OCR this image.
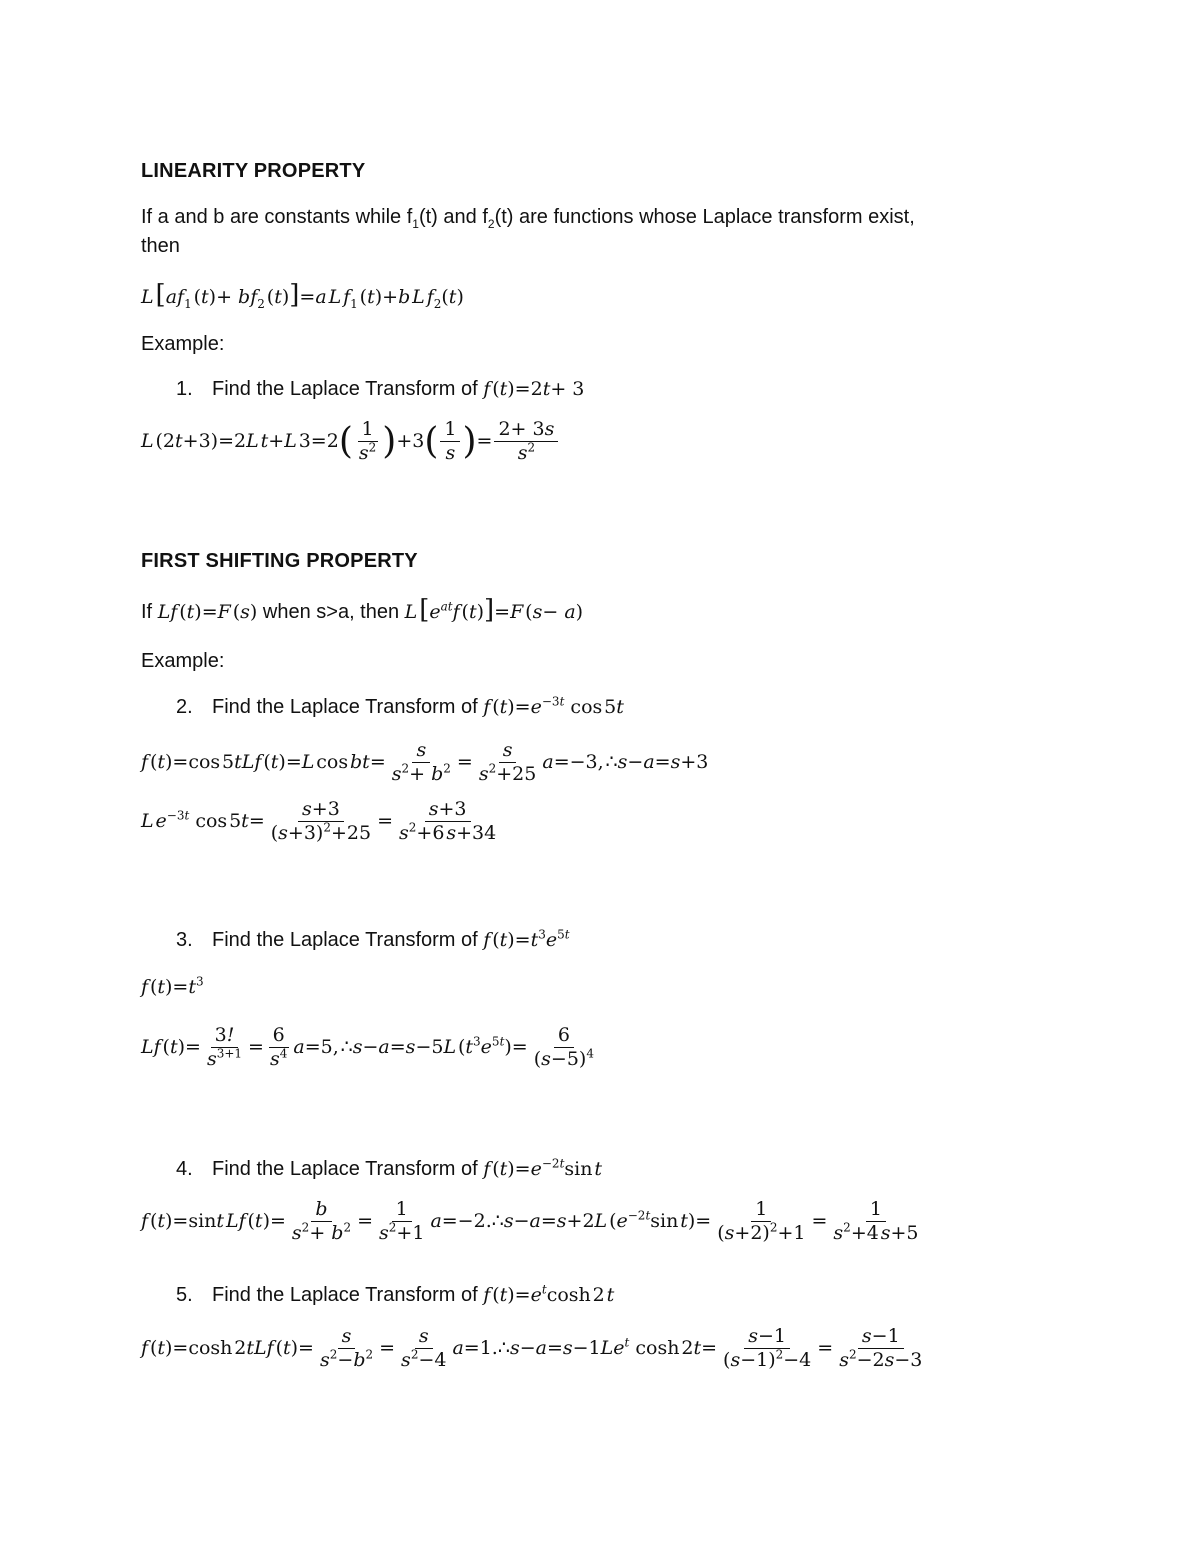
LINEARITY PROPERTY
If a and b are constants while $f_1(t)$ and $f_2(t)$ are functions whose Laplace transform exist,
then
L [$af_1$ $(t)+ bf_2$ (t)]=a  L  $f_1$ (t)+b  L  $f_2(t)$
Example:
1. Find the Laplace Transform of f (t)=2t+ 3
L (2t+3)=2L  t+L $3=2( \frac{1}{s^2} )+3( \frac{1}{s}$ )= $\frac{2+ 3s}{s^2}$
FIRST SHIFTING PROPERTY
If Lf (t)=F (s) when s>a, then L [$e^{at}f$ (t)]=F (s− a)
Example:
2. Find the Laplace Transform of f $(t)=e^{-3t}$ cos 5t
f (t)=cos 5tLf (t)=L cos $bt= \frac{s}{s^2+ b^2} = \frac{s}{s^2+25} a=-3$, ∴s−a=s+3
L  $e^{-3t}$ cos $5t= \frac{s+3}{(s+3)^2+25} = \frac{s+3}{s^2+6 s+34}$
3. Find the Laplace Transform of f $(t)=t^3e^{5t}$
f $(t)=t^3$
Lf $(t)= \frac{3!}{s^{3+1}} = \frac{6}{s^4} a=5$, ∴s−a=s−5L $(t^3e^{5t})= \frac{6}{(s-5)^4}$
4. Find the Laplace Transform of f $(t)=e^{-2t}\sin$ t
f (t)=sint  Lf $(t)= \frac{b}{s^2+ b^2} = \frac{1}{s^2+1}$ a=−2.∴s−a=s+2L ($e^{-2t}\sin$ $t)= \frac{1}{(s+2)^2+1} = \frac{1}{s^2+4 s+5}$
5. Find the Laplace Transform of f $(t)=e^t\cosh$ 2 t
f (t)=cosh 2tLf $(t)= \frac{s}{s^2-b^2} = \frac{s}{s^2-4}$ $a=1.\therefore s-a=s-1Le^t$ cosh $2t= \frac{s-1}{(s-1)^2-4} = \frac{s-1}{s^2-2s-3}$
